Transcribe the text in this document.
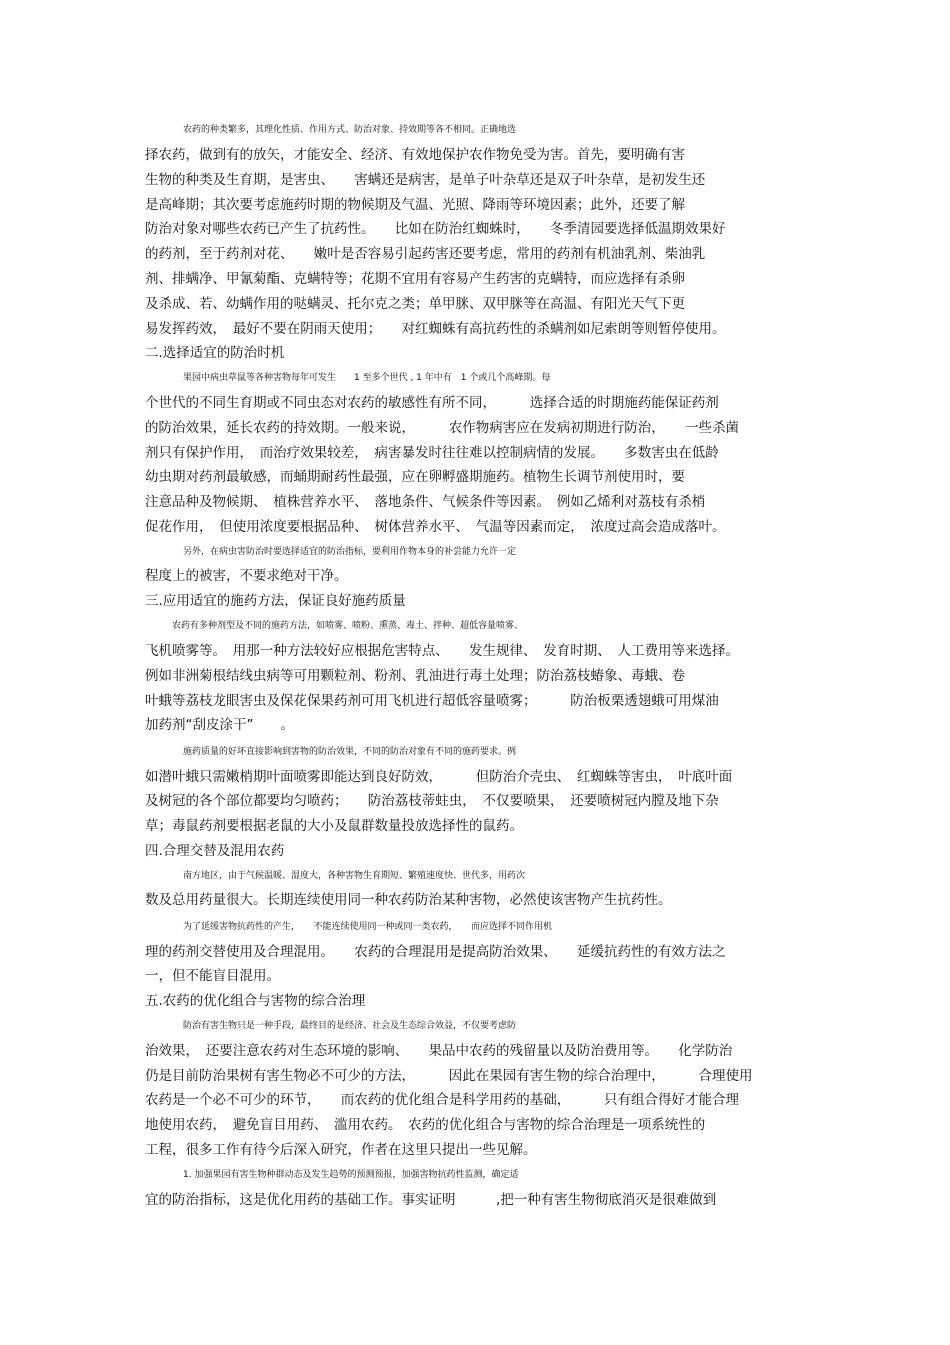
农药的种类繁多，其理化性质、作用方式、防治对象、持效期等各不相同。正确地选
择农药，做到有的放矢，才能安全、经济、有效地保护农作物免受为害。首先，要明确有害
生物的种类及生育期，是害虫、　　害螨还是病害，是单子叶杂草还是双子叶杂草，是初发生还
是高峰期；其次要考虑施药时期的物候期及气温、光照、降雨等环境因素；此外，还要了解
防治对象对哪些农药已产生了抗药性。　　比如在防治红蜘蛛时，　　冬季清园要选择低温期效果好
的药剂，至于药剂对花、　　嫩叶是否容易引起药害还要考虑，常用的药剂有机油乳剂、柴油乳
剂、排螨净、甲氰菊酯、克螨特等；花期不宜用有容易产生药害的克螨特，而应选择有杀卵
及杀成、若、幼螨作用的哒螨灵、托尔克之类；单甲脒、双甲脒等在高温、有阳光天气下更
易发挥药效，　最好不要在阴雨天使用；　　对红蜘蛛有高抗药性的杀螨剂如尼索朗等则暂停使用。
二.选择适宜的防治时机
果园中病虫草鼠等各种害物每年可发生　　1 至多个世代 , 1 年中有　1 个或几个高峰期。每
个世代的不同生育期或不同虫态对农药的敏感性有所不同，　　　选择合适的时期施药能保证药剂
的防治效果，延长农药的持效期。一般来说，　　　农作物病害应在发病初期进行防治，　　一些杀菌
剂只有保护作用，　而治疗效果较差，　病害暴发时往往难以控制病情的发展。　　多数害虫在低龄
幼虫期对药剂最敏感，而蛹期耐药性最强，应在卵孵盛期施药。植物生长调节剂使用时，要
注意品种及物候期、　植株营养水平、　落地条件、气候条件等因素。　例如乙烯利对荔枝有杀梢
促花作用，　但使用浓度要根据品种、　树体营养水平、　气温等因素而定，　浓度过高会造成落叶。
另外，在病虫害防治时要选择适宜的防治指标，要利用作物本身的补尝能力允许一定
程度上的被害，不要求绝对干净。
三.应用适宜的施药方法，保证良好施药质量
农药有多种剂型及不同的施药方法，如喷雾、喷粉、熏蒸、毒土、拌种、超低容量喷雾、
飞机喷雾等。　用那一种方法较好应根据危害特点、　　发生规律、　发育时期、　人工费用等来选择。
例如非洲菊根结线虫病等可用颗粒剂、粉剂、乳油进行毒土处理；防治荔枝蝽象、毒蛾、卷
叶蛾等荔枝龙眼害虫及保花保果药剂可用飞机进行超低容量喷雾；　　　防治板栗透翅蛾可用煤油
加药剂“刮皮涂干”　　。
施药质量的好坏直接影响到害物的防治效果，不同的防治对象有不同的施药要求。例
如潜叶蛾只需嫩梢期叶面喷雾即能达到良好防效，　　　但防治介壳虫、　红蜘蛛等害虫，　叶底叶面
及树冠的各个部位都要均匀喷药；　　防治荔枝蒂蛀虫，　不仅要喷果，　还要喷树冠内膛及地下杂
草；毒鼠药剂要根据老鼠的大小及鼠群数量投放选择性的鼠药。
四.合理交替及混用农药
南方地区，由于气候温暖、湿度大，各种害物生育期短、繁殖速度快、世代多，用药次
数及总用药量很大。长期连续使用同一种农药防治某种害物，必然使该害物产生抗药性。
为了延缓害物抗药性的产生，　　不能连续使用同一种或同一类农药，　　而应选择不同作用机
理的药剂交替使用及合理混用。　　农药的合理混用是提高防治效果、　　延缓抗药性的有效方法之
一，但不能盲目混用。
五.农药的优化组合与害物的综合治理
防治有害生物只是一种手段，最终目的是经济、社会及生态综合效益，不仅要考虑防
治效果，　还要注意农药对生态环境的影响、　　果品中农药的残留量以及防治费用等。　　化学防治
仍是目前防治果树有害生物必不可少的方法，　　　因此在果园有害生物的综合治理中，　　　合理使用
农药是一个必不可少的环节，　　而农药的优化组合是科学用药的基础，　　　只有组合得好才能合理
地使用农药，　避免盲目用药、　滥用农药。　农药的优化组合与害物的综合治理是一项系统性的
工程，很多工作有待今后深入研究，作者在这里只提出一些见解。
1. 加强果园有害生物种群动态及发生趋势的预测预报，加强害物抗药性监测，确定适
宜的防治指标，这是优化用药的基础工作。事实证明　　　,把一种有害生物彻底消灭是很难做到
